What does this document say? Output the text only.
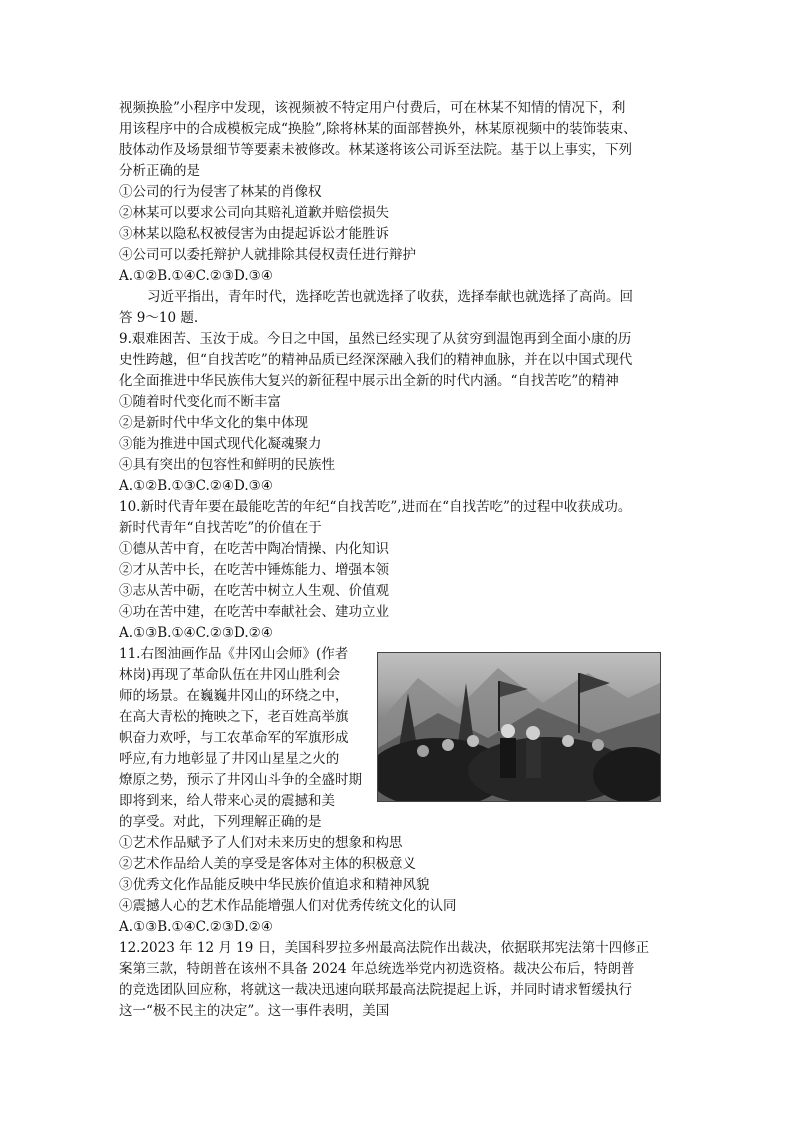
视频换脸”小程序中发现，该视频被不特定用户付费后，可在林某不知情的情况下，利
用该程序中的合成模板完成“换脸”,除将林某的面部替换外，林某原视频中的装饰装束、
肢体动作及场景细节等要素未被修改。林某遂将该公司诉至法院。基于以上事实，下列
分析正确的是
①公司的行为侵害了林某的肖像权
②林某可以要求公司向其赔礼道歉并赔偿损失
③林某以隐私权被侵害为由提起诉讼才能胜诉
④公司可以委托辩护人就排除其侵权责任进行辩护
A.①②B.①④C.②③D.③④
习近平指出，青年时代，选择吃苦也就选择了收获，选择奉献也就选择了高尚。回
答 9～10 题.
9.艰难困苦、玉汝于成。今日之中国，虽然已经实现了从贫穷到温饱再到全面小康的历
史性跨越，但“自找苦吃”的精神品质已经深深融入我们的精神血脉，并在以中国式现代
化全面推进中华民族伟大复兴的新征程中展示出全新的时代内涵。“自找苦吃”的精神
①随着时代变化而不断丰富
②是新时代中华文化的集中体现
③能为推进中国式现代化凝魂聚力
④具有突出的包容性和鲜明的民族性
A.①②B.①③C.②④D.③④
10.新时代青年要在最能吃苦的年纪“自找苦吃”,进而在“自找苦吃”的过程中收获成功。
新时代青年“自找苦吃”的价值在于
①德从苦中育，在吃苦中陶冶情操、内化知识
②才从苦中长，在吃苦中锤炼能力、增强本领
③志从苦中砺，在吃苦中树立人生观、价值观
④功在苦中建，在吃苦中奉献社会、建功立业
A.①③B.①④C.②③D.②④
11.右图油画作品《井冈山会师》(作者
林岗)再现了革命队伍在井冈山胜利会
师的场景。在巍巍井冈山的环绕之中，
在高大青松的掩映之下，老百姓高举旗
帜奋力欢呼，与工农革命军的军旗形成
呼应,有力地彰显了井冈山星星之火的
燎原之势，预示了井冈山斗争的全盛时期
即将到来，给人带来心灵的震撼和美
的享受。对此，下列理解正确的是
①艺术作品赋予了人们对未来历史的想象和构思
②艺术作品给人美的享受是客体对主体的积极意义
③优秀文化作品能反映中华民族价值追求和精神风貌
④震撼人心的艺术作品能增强人们对优秀传统文化的认同
A.①③B.①④C.②③D.②④
12.2023 年 12 月 19 日，美国科罗拉多州最高法院作出裁决，依据联邦宪法第十四修正
案第三款，特朗普在该州不具备 2024 年总统选举党内初选资格。裁决公布后，特朗普
的竞选团队回应称，将就这一裁决迅速向联邦最高法院提起上诉，并同时请求暂缓执行
这一“极不民主的决定”。这一事件表明，美国
